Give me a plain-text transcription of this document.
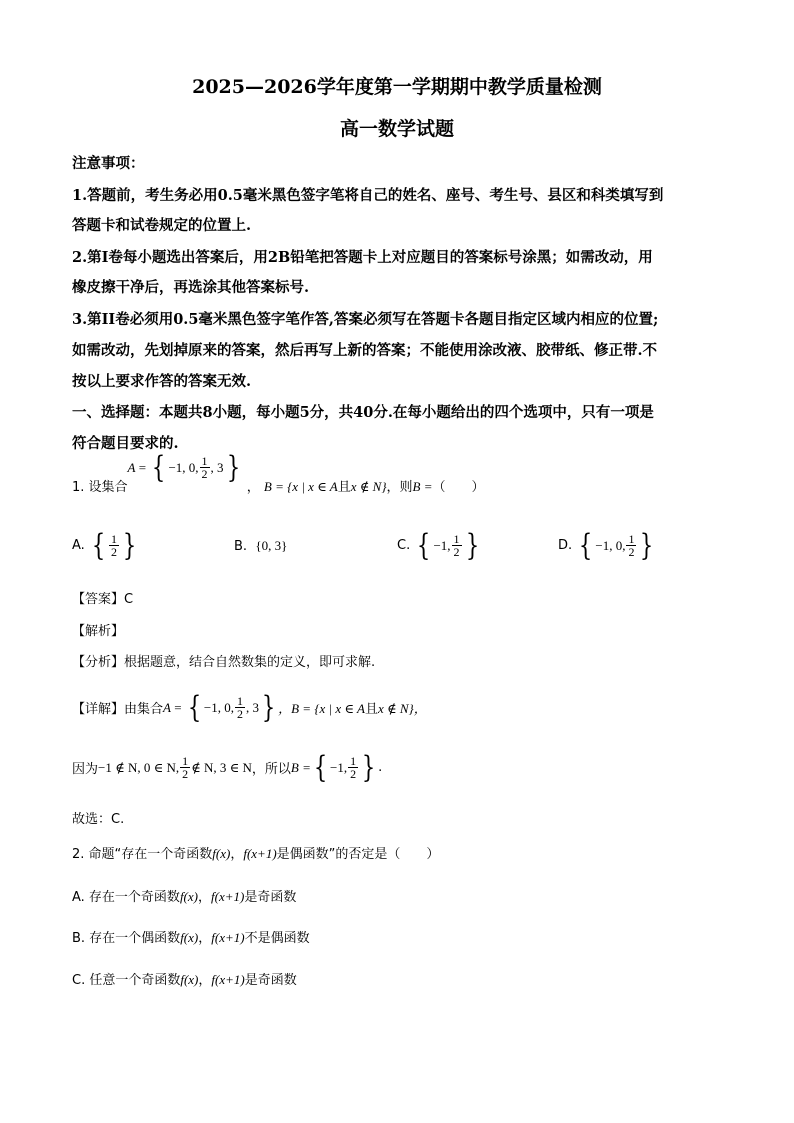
2025—2026学年度第一学期期中教学质量检测
高一数学试题
注意事项：
1.答题前，考生务必用0.5毫米黑色签字笔将自己的姓名、座号、考生号、县区和科类填写到
答题卡和试卷规定的位置上.
2.第I卷每小题选出答案后，用2B铅笔把答题卡上对应题目的答案标号涂黑；如需改动，用
橡皮擦干净后，再选涂其他答案标号.
3.第II卷必须用0.5毫米黑色签字笔作答,答案必须写在答题卡各题目指定区域内相应的位置;
如需改动，先划掉原来的答案，然后再写上新的答案；不能使用涂改液、胶带纸、修正带.不
按以上要求作答的答案无效.
一、选择题：本题共8小题，每小题5分，共40分.在每小题给出的四个选项中，只有一项是
符合题目要求的.
1. 设集合
A = { −1, 0, $\frac{1}{2}$ , 3 }
， B = {x | x ∈ A 且 x ∉ N} ，则 B = （　　）
A.
{ $\frac{1}{2}$ }	B.
{0, 3}	C.
{ −1, $\frac{1}{2}$ }	D.
{ −1, 0, $\frac{1}{2}$ }
【答案】C
【解析】
【分析】根据题意，结合自然数集的定义，即可求解.
【详解】 由集合 A = { −1, 0, $\frac{1}{2}$ , 3 } ，B = {x | x ∈ A 且 x ∉ N}，
因为 −1 ∉ N, 0 ∈ N, $\frac{1}{2}$ ∉ N, 3 ∈ N ，所以 B = { −1, $\frac{1}{2}$ } .
故选：C.
2. 命题“存在一个奇函数f(x)，f(x+1)是偶函数”的否定是（　　）
A. 存在一个奇函数f(x)，f(x+1)是奇函数
B. 存在一个偶函数f(x)，f(x+1)不是偶函数
C. 任意一个奇函数f(x)，f(x+1)是奇函数
